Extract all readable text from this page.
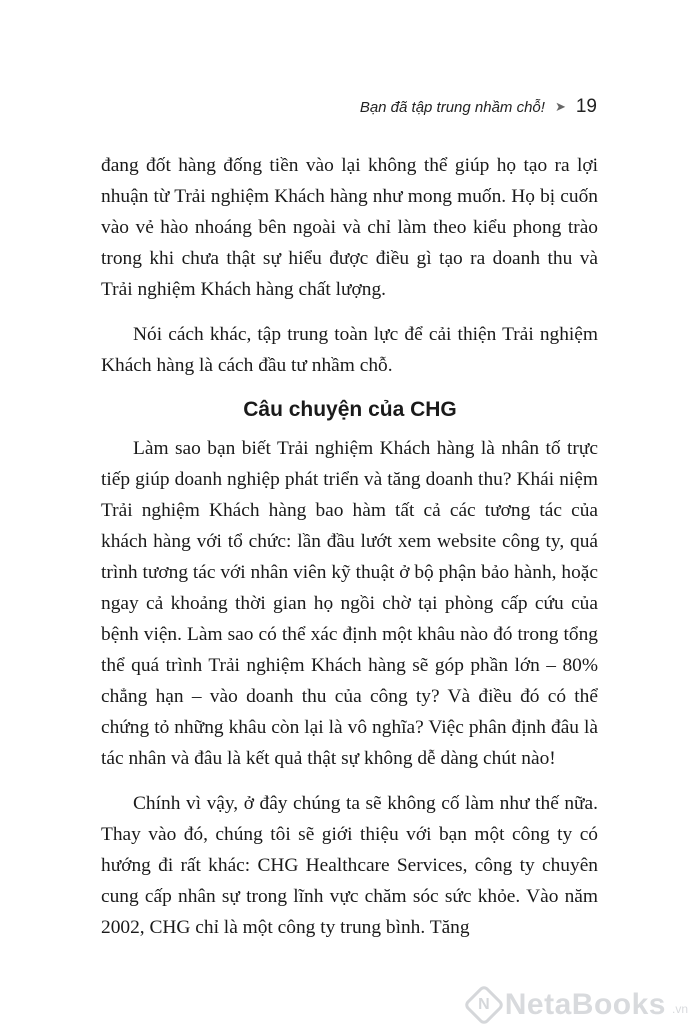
Bạn đã tập trung nhầm chỗ! ➤ 19

đang đốt hàng đống tiền vào lại không thể giúp họ tạo ra lợi nhuận từ Trải nghiệm Khách hàng như mong muốn. Họ bị cuốn vào vẻ hào nhoáng bên ngoài và chỉ làm theo kiểu phong trào trong khi chưa thật sự hiểu được điều gì tạo ra doanh thu và Trải nghiệm Khách hàng chất lượng.

Nói cách khác, tập trung toàn lực để cải thiện Trải nghiệm Khách hàng là cách đầu tư nhầm chỗ.

Câu chuyện của CHG

Làm sao bạn biết Trải nghiệm Khách hàng là nhân tố trực tiếp giúp doanh nghiệp phát triển và tăng doanh thu? Khái niệm Trải nghiệm Khách hàng bao hàm tất cả các tương tác của khách hàng với tổ chức: lần đầu lướt xem website công ty, quá trình tương tác với nhân viên kỹ thuật ở bộ phận bảo hành, hoặc ngay cả khoảng thời gian họ ngồi chờ tại phòng cấp cứu của bệnh viện. Làm sao có thể xác định một khâu nào đó trong tổng thể quá trình Trải nghiệm Khách hàng sẽ góp phần lớn – 80% chẳng hạn – vào doanh thu của công ty? Và điều đó có thể chứng tỏ những khâu còn lại là vô nghĩa? Việc phân định đâu là tác nhân và đâu là kết quả thật sự không dễ dàng chút nào!

Chính vì vậy, ở đây chúng ta sẽ không cố làm như thế nữa. Thay vào đó, chúng tôi sẽ giới thiệu với bạn một công ty có hướng đi rất khác: CHG Healthcare Services, công ty chuyên cung cấp nhân sự trong lĩnh vực chăm sóc sức khỏe. Vào năm 2002, CHG chỉ là một công ty trung bình. Tăng

N NetaBooks .vn
